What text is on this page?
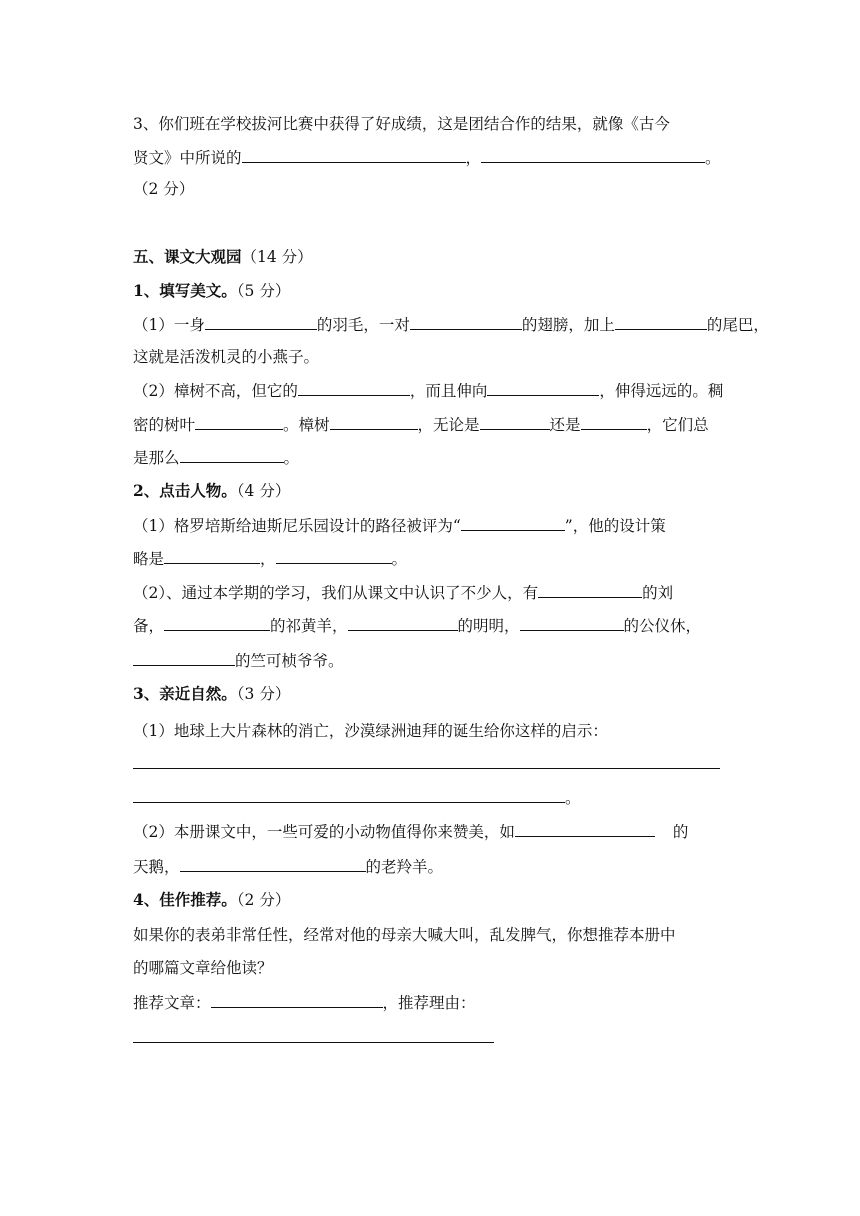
3、你们班在学校拔河比赛中获得了好成绩，这是团结合作的结果，就像《古今
贤文》中所说的	，	。
（2 分）
五、课文大观园（14 分）
1、填写美文。（5 分）
（1）一身	的羽毛，一对	的翅膀，加上	的尾巴，
这就是活泼机灵的小燕子。
（2）樟树不高，但它的	，而且伸向	，伸得远远的。稠
密的树叶	。樟树	，无论是	还是	，它们总
是那么	。
2、点击人物。（4 分）
（1）格罗培斯给迪斯尼乐园设计的路径被评为“	”，他的设计策
略是	，	。
（2）、通过本学期的学习，我们从课文中认识了不少人，有	的刘
备，	的祁黄羊，	的明明，	的公仪休，
的竺可桢爷爷。
3、亲近自然。（3 分）
（1）地球上大片森林的消亡，沙漠绿洲迪拜的诞生给你这样的启示：
。
（2）本册课文中，一些可爱的小动物值得你来赞美，如	的
天鹅，	的老羚羊。
4、佳作推荐。（2 分）
如果你的表弟非常任性，经常对他的母亲大喊大叫，乱发脾气，你想推荐本册中
的哪篇文章给他读？
推荐文章：	，推荐理由：
